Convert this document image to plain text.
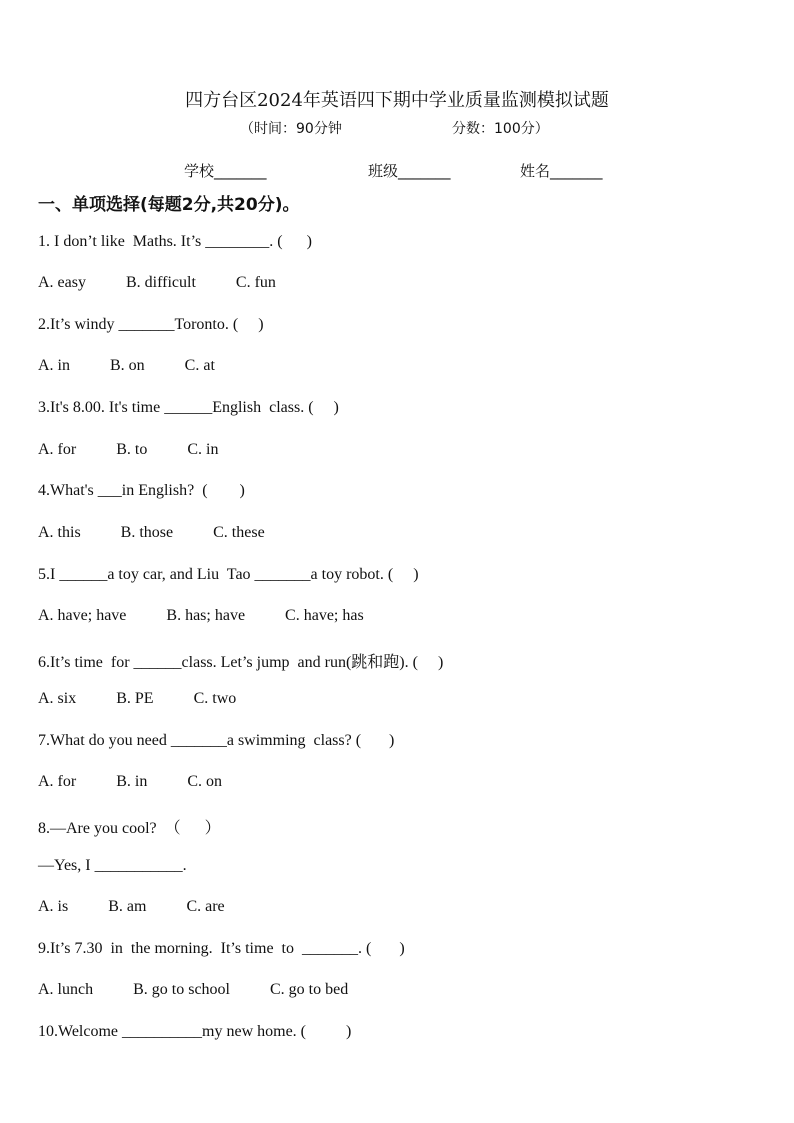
四方台区2024年英语四下期中学业质量监测模拟试题
（时间：90分钟	分数：100分）
学校_______	班级_______	姓名_______
一、单项选择(每题2分,共20分)。
1. I don’t like  Maths. It’s ________. (      )
A. easy          B. difficult          C. fun
2.It’s windy _______Toronto. (     )
A. in          B. on          C. at
3.It's 8.00. It's time ______English  class. (     )
A. for          B. to          C. in
4.What's ___in English?  (        )
A. this          B. those          C. these
5.I ______a toy car, and Liu  Tao _______a toy robot. (     )
A. have; have          B. has; have          C. have; has
6.It’s time  for ______class. Let’s jump  and run(跳和跑). (     )
A. six          B. PE          C. two
7.What do you need _______a swimming  class? (       )
A. for          B. in          C. on
8.—Are you cool?  （      ）
—Yes, I ___________.
A. is          B. am          C. are
9.It’s 7.30  in  the morning.  It’s time  to  _______. (       )
A. lunch          B. go to school          C. go to bed
10.Welcome __________my new home. (          )
